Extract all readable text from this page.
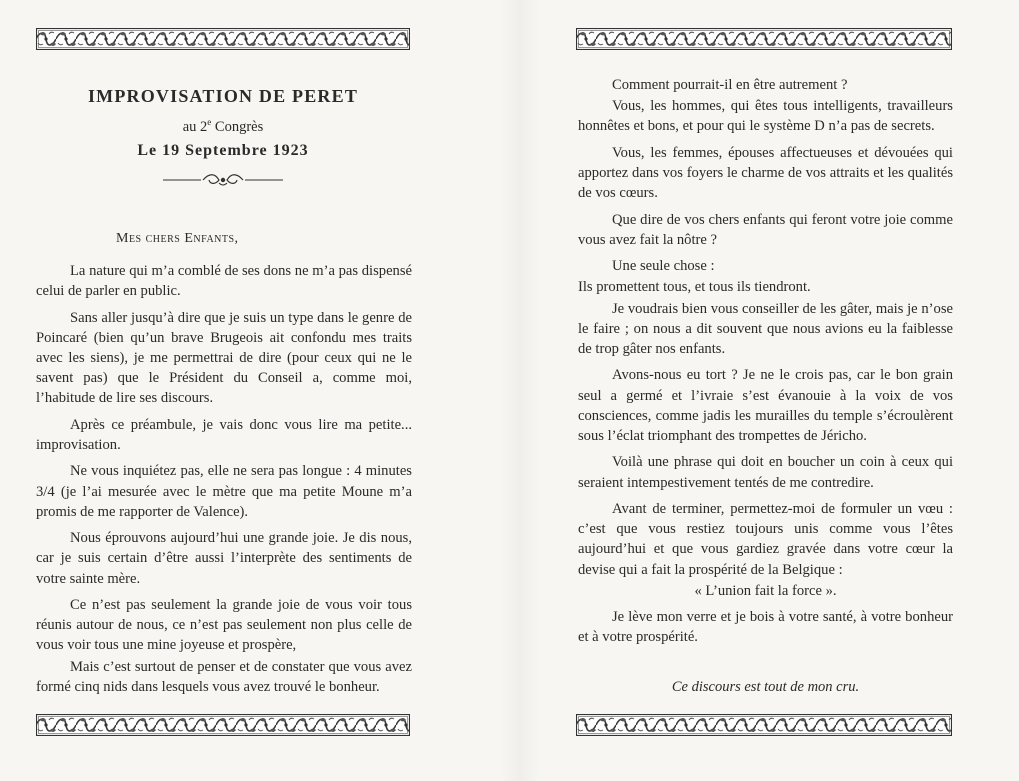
IMPROVISATION DE PERET
au 2e Congrès
Le 19 Septembre 1923
Mes chers Enfants,

La nature qui m’a comblé de ses dons ne m’a pas dispensé celui de parler en public.

Sans aller jusqu’à dire que je suis un type dans le genre de Poincaré (bien qu’un brave Brugeois ait confondu mes traits avec les siens), je me permettrai de dire (pour ceux qui ne le savent pas) que le Président du Conseil a, comme moi, l’habitude de lire ses discours.

Après ce préambule, je vais donc vous lire ma petite... improvisation.

Ne vous inquiétez pas, elle ne sera pas longue : 4 minutes 3/4 (je l’ai mesurée avec le mètre que ma petite Moune m’a promis de me rapporter de Valence).

Nous éprouvons aujourd’hui une grande joie. Je dis nous, car je suis certain d’être aussi l’interprète des sentiments de votre sainte mère.

Ce n’est pas seulement la grande joie de vous voir tous réunis autour de nous, ce n’est pas seulement non plus celle de vous voir tous une mine joyeuse et prospère,

Mais c’est surtout de penser et de constater que vous avez formé cinq nids dans lesquels vous avez trouvé le bonheur.

Comment pourrait-il en être autrement ?

Vous, les hommes, qui êtes tous intelligents, travailleurs honnêtes et bons, et pour qui le système D n’a pas de secrets.

Vous, les femmes, épouses affectueuses et dévouées qui apportez dans vos foyers le charme de vos attraits et les qualités de vos cœurs.

Que dire de vos chers enfants qui feront votre joie comme vous avez fait la nôtre ?

Une seule chose :

Ils promettent tous, et tous ils tiendront.

Je voudrais bien vous conseiller de les gâter, mais je n’ose le faire ; on nous a dit souvent que nous avions eu la faiblesse de trop gâter nos enfants.

Avons-nous eu tort ? Je ne le crois pas, car le bon grain seul a germé et l’ivraie s’est évanouie à la voix de vos consciences, comme jadis les murailles du temple s’écroulèrent sous l’éclat triomphant des trompettes de Jéricho.

Voilà une phrase qui doit en boucher un coin à ceux qui seraient intempestivement tentés de me contredire.

Avant de terminer, permettez-moi de formuler un vœu : c’est que vous restiez toujours unis comme vous l’êtes aujourd’hui et que vous gardiez gravée dans votre cœur la devise qui a fait la prospérité de la Belgique :

« L’union fait la force ».

Je lève mon verre et je bois à votre santé, à votre bonheur et à votre prospérité.

Ce discours est tout de mon cru.
